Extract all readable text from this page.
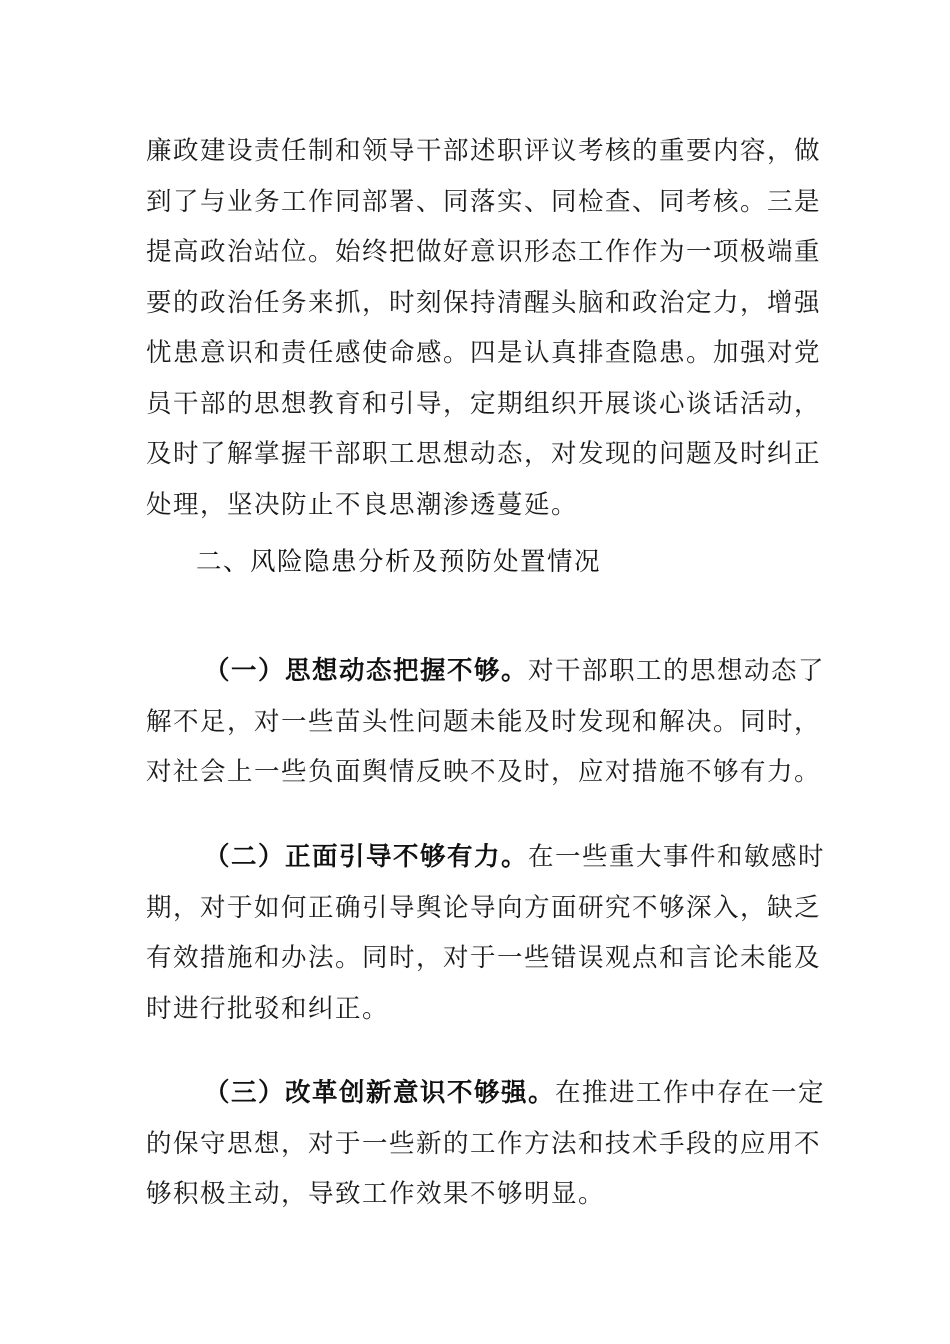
廉政建设责任制和领导干部述职评议考核的重要内容，做
到了与业务工作同部署、同落实、同检查、同考核。三是
提高政治站位。始终把做好意识形态工作作为一项极端重
要的政治任务来抓，时刻保持清醒头脑和政治定力，增强
忧患意识和责任感使命感。四是认真排查隐患。加强对党
员干部的思想教育和引导，定期组织开展谈心谈话活动，
及时了解掌握干部职工思想动态，对发现的问题及时纠正
处理，坚决防止不良思潮渗透蔓延。
二、风险隐患分析及预防处置情况
（一）思想动态把握不够。对干部职工的思想动态了
解不足，对一些苗头性问题未能及时发现和解决。同时，
对社会上一些负面舆情反映不及时，应对措施不够有力。
（二）正面引导不够有力。在一些重大事件和敏感时
期，对于如何正确引导舆论导向方面研究不够深入，缺乏
有效措施和办法。同时，对于一些错误观点和言论未能及
时进行批驳和纠正。
（三）改革创新意识不够强。在推进工作中存在一定
的保守思想，对于一些新的工作方法和技术手段的应用不
够积极主动，导致工作效果不够明显。
